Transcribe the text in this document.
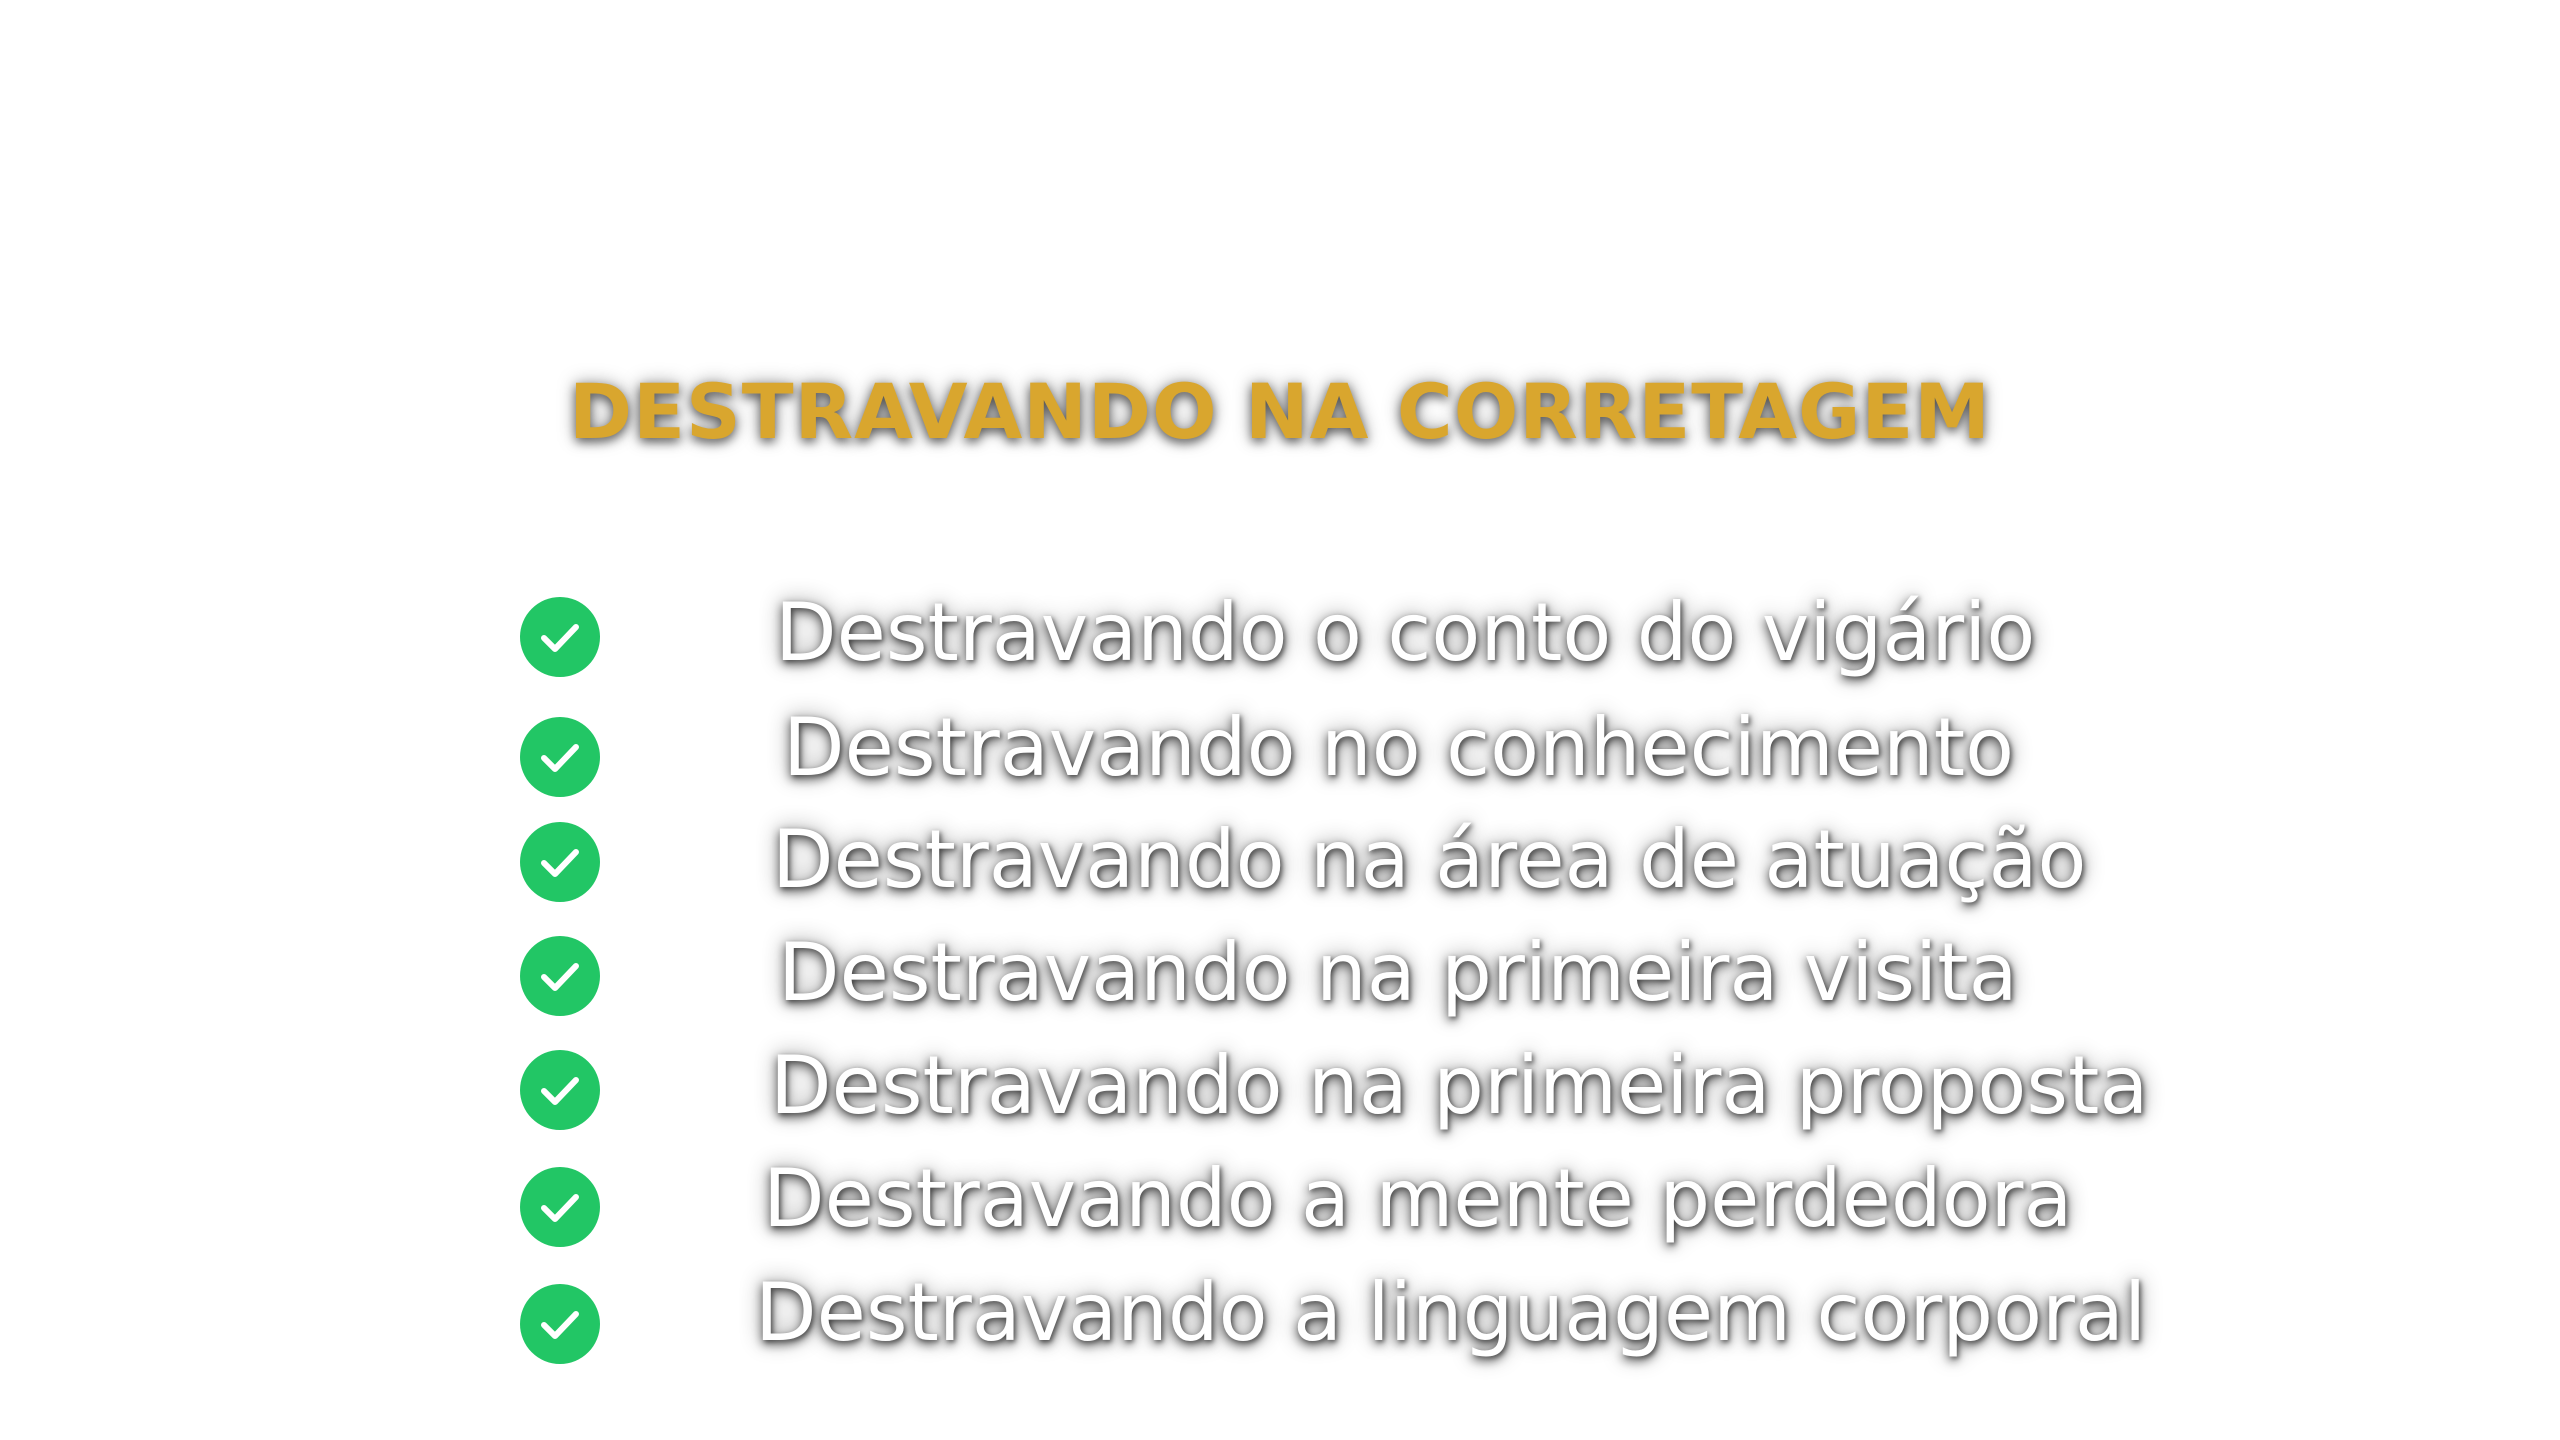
DESTRAVANDO NA CORRETAGEM
Destravando o conto do vigário
Destravando no conhecimento
Destravando na área de atuação
Destravando na primeira visita
Destravando na primeira proposta
Destravando a mente perdedora
Destravando a linguagem corporal
